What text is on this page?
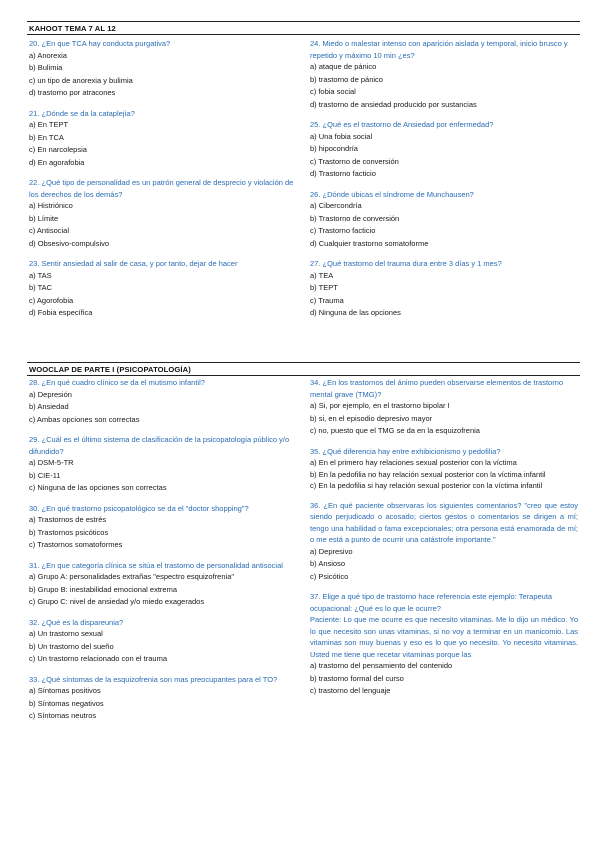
KAHOOT TEMA 7 AL 12
20. ¿En que TCA hay conducta purgativa?
a) Anorexia
b) Bulimia
c) un tipo de anorexia y bulimia
d) trastorno por atracones
21. ¿Dónde se da la cataplejía?
a) En TEPT
b) En TCA
c) En narcolepsia
d) En agorafobia
22. ¿Qué tipo de personalidad es un patrón general de desprecio y violación de los derechos de los demás?
a) Histriónico
b) Límite
c) Antisocial
d) Obsesivo-compulsivo
23. Sentir ansiedad al salir de casa, y por tanto, dejar de hacer
a) TAS
b) TAC
c) Agorofobia
d) Fobia específica
24. Miedo o malestar intenso con aparición aislada y temporal, inicio brusco y repetido y máximo 10 min ¿es?
a) ataque de pánico
b) trastorno de pánico
c) fobia social
d) trastorno de ansiedad producido por sustancias
25. ¿Qué es el trastorno de Ansiedad por enfermedad?
a) Una fobia social
b) hipocondría
c) Trastorno de conversión
d) Trastorno facticio
26. ¿Dónde ubicas el síndrome de Munchausen?
a) Cibercondría
b) Trastorno de conversión
c) Trastorno facticio
d) Cualquier trastorno somatoforme
27. ¿Qué trastorno del trauma dura entre 3 días y 1 mes?
a) TEA
b) TEPT
c) Trauma
d) Ninguna de las opciones
WOOCLAP DE PARTE I (PSICOPATOLOGÍA)
28. ¿En qué cuadro clínico se da el mutismo infantil?
a) Depresión
b) Ansiedad
c) Ambas opciones son correctas
29. ¿Cuál es el último sistema de clasificación de la psicopatología público y/o difundido?
a) DSM-5-TR
b) CIE-11
c) Ninguna de las opciones son correctas
30. ¿En qué trastorno psicopatológico se da el "doctor shopping"?
a) Trastornos de estrés
b) Trastornos psicóticos
c) Trastornos somatoformes
31. ¿En que categoría clínica se sitúa el trastorno de personalidad antisocial
a) Grupo A: personalidades extrañas "espectro esquizofrenia"
b) Grupo B: inestabilidad emocional extrema
c) Grupo C: nivel de ansiedad y/o miedo exagerados
32. ¿Qué es la dispareunia?
a) Un trastorno sexual
b) Un trastorno del sueño
c) Un trastorno relacionado con el trauma
33. ¿Qué síntomas de la esquizofrenia son mas preocupantes para el TO?
a) Síntomas positivos
b) Síntomas negativos
c) Síntomas neutros
34. ¿En los trastornos del ánimo pueden observarse elementos de trastorno mental grave (TMG)?
a) Si, por ejemplo, en el trastorno bipolar I
b) si, en el episodio depresivo mayor
c) no, puesto que el TMG se da en la esquizofrenia
35. ¿Qué diferencia hay entre exhibicionismo y pedofilia?
a) En el primero hay relaciones sexual posterior con la víctima
b) En la pedofilia no hay relación sexual posterior con la víctima infantil
c) En la pedofilia si hay relación sexual posterior con la víctima infantil
36. ¿En qué paciente observaras los siguientes comentarios? "creo que estoy siendo perjudicado o acosado; ciertos gestos o comentarios se dirigen a mí; tengo una habilidad o fama excepcionales; otra persona está enamorada de mí; o me está a punto de ocurrir una catástrofe importante."
a) Depresivo
b) Ansioso
c) Psicótico
37. Elige a qué tipo de trastorno hace referencia este ejemplo: Terapeuta ocupacional: ¿Qué es lo que le ocurre?
Paciente: Lo que me ocurre es que necesito vitaminas. Me lo dijo un médico. Yo lo que necesito son unas vitaminas, si no voy a terminar en un manicomio. Las vitaminas son muy buenas y eso es lo que yo necesito. Yo necesito vitaminas. Usted me tiene que recetar vitaminas porque las
a) trastorno del pensamiento del contenido
b) trastorno formal del curso
c) trastorno del lenguaje
